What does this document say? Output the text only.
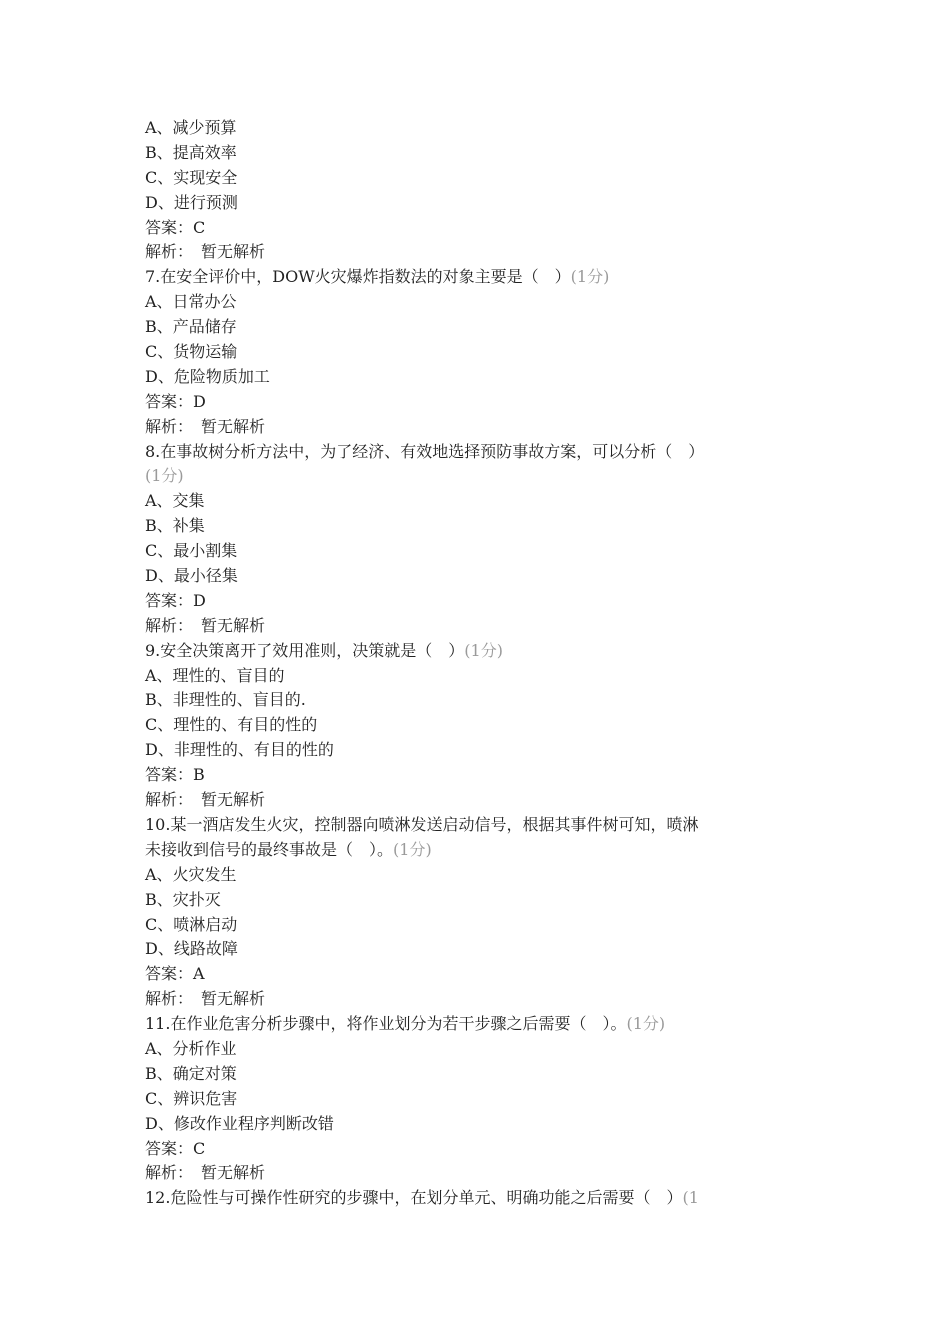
A、减少预算
B、提高效率
C、实现安全
D、进行预测
答案：C
解析：　暂无解析
7.在安全评价中，DOW火灾爆炸指数法的对象主要是（　）(1分)
A、日常办公
B、产品储存
C、货物运输
D、危险物质加工
答案：D
解析：　暂无解析
8.在事故树分析方法中，为了经济、有效地选择预防事故方案，可以分析（　）
(1分)
A、交集
B、补集
C、最小割集
D、最小径集
答案：D
解析：　暂无解析
9.安全决策离开了效用准则，决策就是（　）(1分)
A、理性的、盲目的
B、非理性的、盲目的.
C、理性的、有目的性的
D、非理性的、有目的性的
答案：B
解析：　暂无解析
10.某一酒店发生火灾，控制器向喷淋发送启动信号，根据其事件树可知，喷淋
未接收到信号的最终事故是（　）。(1分)
A、火灾发生
B、灾扑灭
C、喷淋启动
D、线路故障
答案：A
解析：　暂无解析
11.在作业危害分析步骤中，将作业划分为若干步骤之后需要（　）。(1分)
A、分析作业
B、确定对策
C、辨识危害
D、修改作业程序判断改错
答案：C
解析：　暂无解析
12.危险性与可操作性研究的步骤中，在划分单元、明确功能之后需要（　）(1
